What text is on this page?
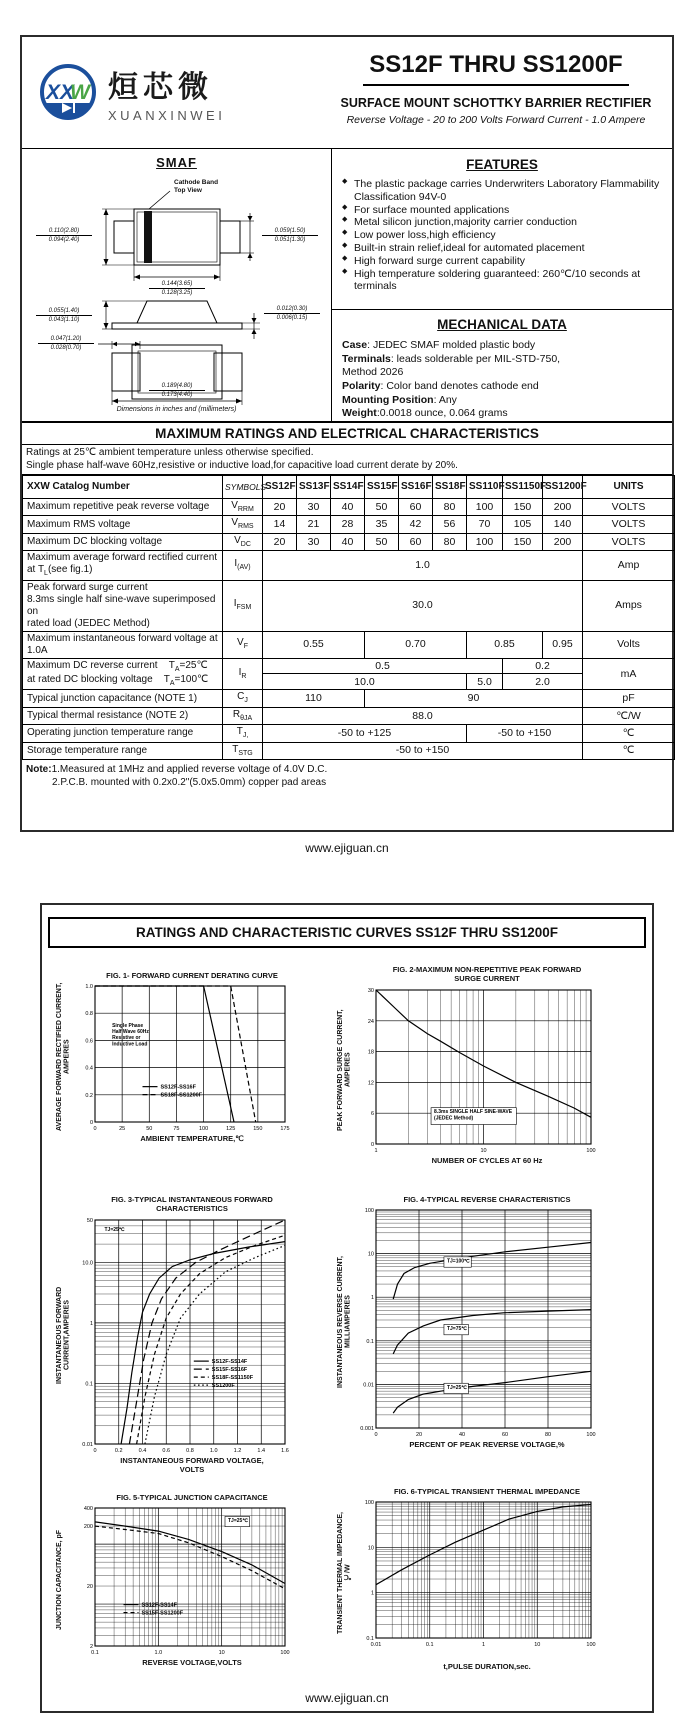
XX
W 烜芯微
XUANXINWEI
SS12F THRU SS1200F
SURFACE MOUNT SCHOTTKY BARRIER RECTIFIER
Reverse Voltage - 20 to 200 Volts Forward Current - 1.0 Ampere
SMAF
Cathode Band
Top View
0.110(2.80)
0.094(2.40)
0.059(1.50)
0.051(1.30)
0.144(3.65)
0.128(3.25)
0.055(1.40)
0.043(1.10)
0.012(0.30)
0.006(0.15)
0.047(1.20)
0.028(0.70)
0.189(4.80)
0.173(4.40)
Dimensions in inches and (millimeters)
FEATURES
◆ The plastic package carries Underwriters Laboratory Flammability Classification 94V-0
◆ For surface mounted applications
◆ Metal silicon junction,majority carrier conduction
◆ Low power loss,high efficiency
◆ Built-in strain relief,ideal for automated placement
◆ High forward surge current capability
◆ High temperature soldering guaranteed: 260℃/10 seconds at terminals
MECHANICAL DATA
Case: JEDEC SMAF molded plastic body
Terminals: leads solderable per MIL-STD-750,
Method 2026
Polarity: Color band denotes cathode end
Mounting Position: Any
Weight:0.0018 ounce, 0.064 grams
MAXIMUM RATINGS AND ELECTRICAL CHARACTERISTICS
Ratings at 25℃ ambient temperature unless otherwise specified.
Single phase half-wave 60Hz,resistive or inductive load,for capacitive load current derate by 20%.
XXW Catalog Number	SYMBOLS	SS12F	SS13F	SS14F	SS15F	SS16F	SS18F	SS110F	SS1150F	SS1200F	UNITS
Maximum repetitive peak reverse voltage	$V_{RRM}$	20	30	40	50	60	80	100	150	200	VOLTS
Maximum RMS voltage	$V_{RMS}$	14	21	28	35	42	56	70	105	140	VOLTS
Maximum DC blocking voltage	$V_{DC}$	20	30	40	50	60	80	100	150	200	VOLTS
Maximum average forward rectified current
at $T_L(see$ fig.1)	$I_{(AV)}$	1.0									Amp
Peak forward surge current
8.3ms single half sine-wave superimposed on
rated load (JEDEC Method)	$I_{FSM}$	30.0									Amps
Maximum instantaneous forward voltage at 1.0A	$V_F$	0.55			0.70			0.85		0.95	Volts
Maximum DC reverse current    $T_A=25℃$
at rated DC blocking voltage    $T_A=100℃$	$I_R$	0.5							0.2		mA
		10.0						5.0	2.0		
Typical junction capacitance (NOTE 1)	$C_J$	110			90						pF
Typical thermal resistance (NOTE 2)	$R_{\theta JA}$	88.0									℃/W
Operating junction temperature range	$T_{J,}$	-50 to +125						-50 to +150			℃
Storage temperature range	$T_{STG}$	-50 to +150									℃
Note:1.Measured at 1MHz and applied reverse voltage of 4.0V D.C.
2.P.C.B. mounted with 0.2x0.2"(5.0x5.0mm) copper pad areas
www.ejiguan.cn
RATINGS AND CHARACTERISTIC CURVES SS12F THRU SS1200F
FIG. 1- FORWARD CURRENT DERATING CURVE
AVERAGE FORWARD RECTIFIED CURRENT,
AMPERES
0	25	50	75	100	125	150	175
0
0.2
0.4
0.6
0.8
1.0
Single Phase Half Wave 60Hz Resistive or Inductive Load
SS12F-SS16F
SS18F-SS1200F
AMBIENT TEMPERATURE,℃
FIG. 2-MAXIMUM NON-REPETITIVE PEAK FORWARD
SURGE CURRENT
PEAK FORWARD SURGE CURRENT,
AMPERES
1	10	100
0
6
12
18
24
30
8.3ms SINGLE HALF SINE-WAVE (JEDEC Method)
NUMBER OF CYCLES AT 60 Hz
FIG. 3-TYPICAL INSTANTANEOUS FORWARD
CHARACTERISTICS
INSTANTANEOUS FORWARD
CURRENT,AMPERES
0	0.2	0.4	0.6	0.8	1.0	1.2	1.4	1.6
0.01
0.1
1
10.0
50
TJ=25℃
SS12F-SS14F
SS15F-SS16F
SS18F-SS1150F
SS1200F
INSTANTANEOUS FORWARD VOLTAGE,
VOLTS
FIG. 4-TYPICAL REVERSE CHARACTERISTICS
INSTANTANEOUS REVERSE CURRENT,
MILLIAMPERES
0	20	40	60	80	100
0.001
0.01
0.1
1
10
100
TJ=100℃
TJ=75℃
TJ=25℃
PERCENT OF PEAK REVERSE VOLTAGE,%
FIG. 5-TYPICAL JUNCTION CAPACITANCE
JUNCTION CAPACITANCE, pF
0.1	1.0	10	100
2
20
200
400
TJ=25℃
SS12F-SS14F
SS15F-SS1200F
REVERSE VOLTAGE,VOLTS
FIG. 6-TYPICAL TRANSIENT THERMAL IMPEDANCE
TRANSIENT THERMAL IMPEDANCE,
℃/W
0.01	0.1	1	10	100
0.1
1
10
100
t,PULSE DURATION,sec.
www.ejiguan.cn
